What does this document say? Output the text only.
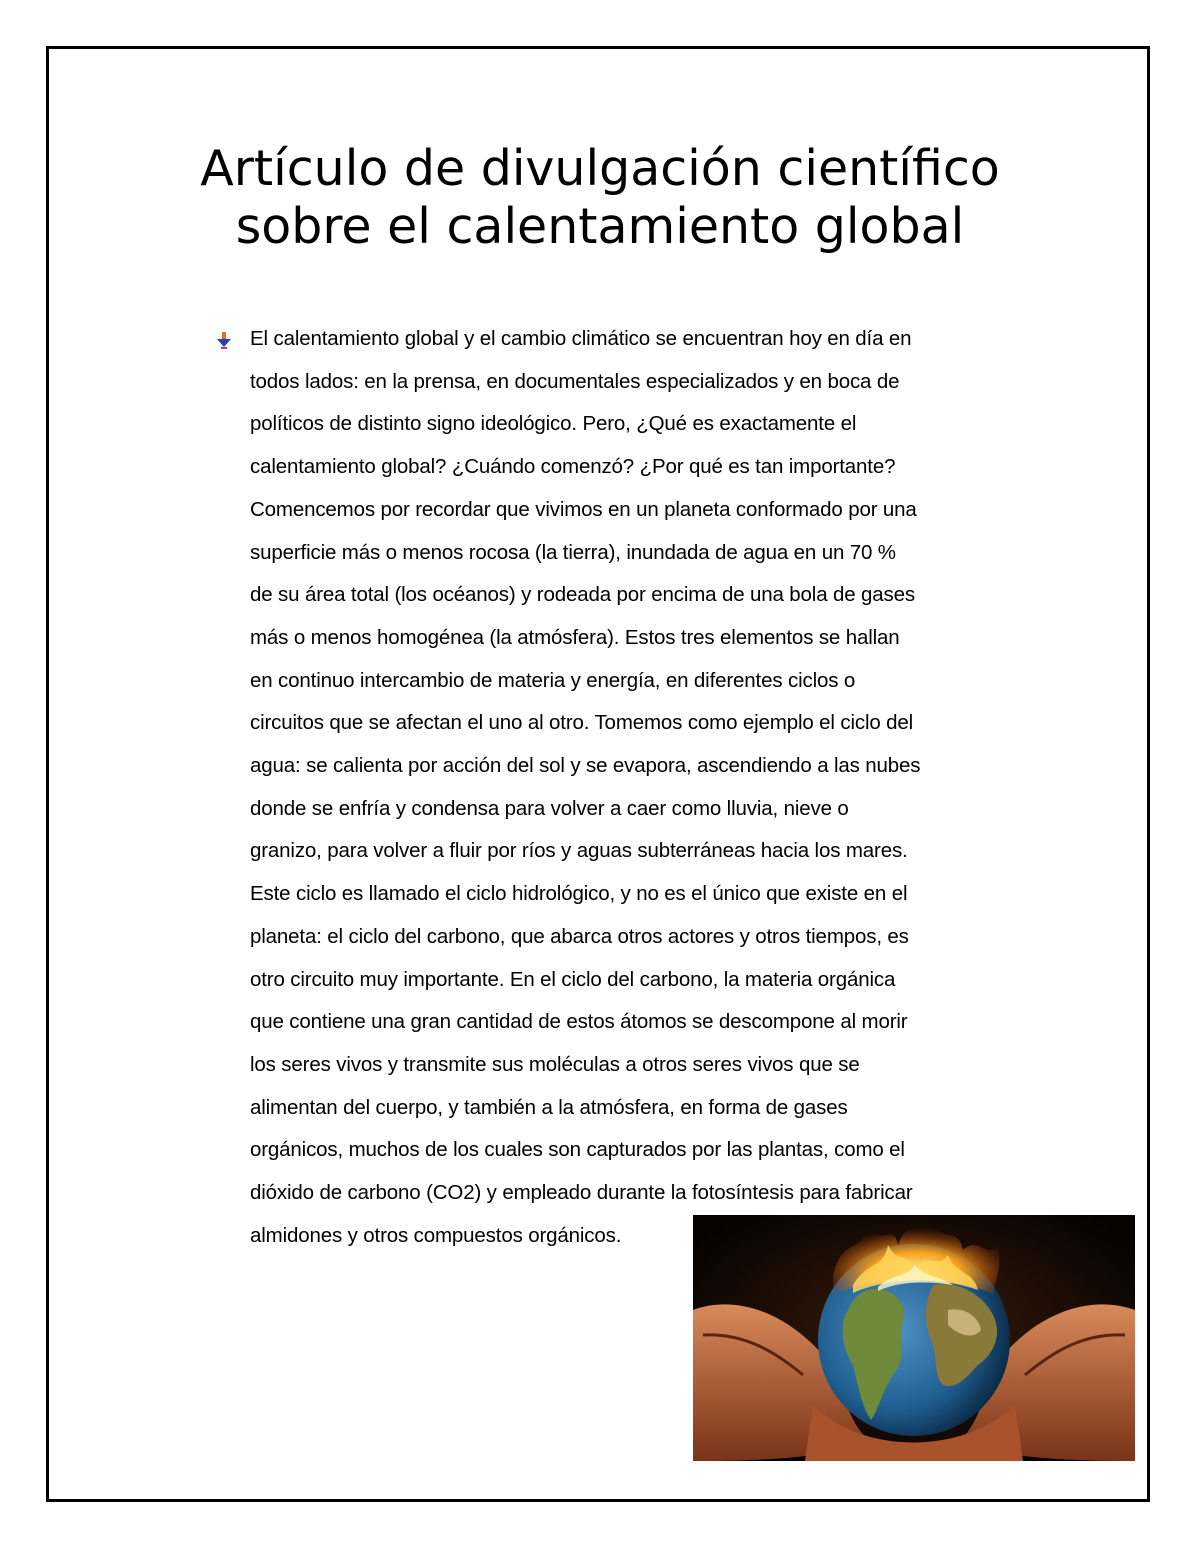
Artículo de divulgación científico
sobre el calentamiento global

El calentamiento global y el cambio climático se encuentran hoy en día en
todos lados: en la prensa, en documentales especializados y en boca de
políticos de distinto signo ideológico. Pero, ¿Qué es exactamente el
calentamiento global? ¿Cuándo comenzó? ¿Por qué es tan importante?
Comencemos por recordar que vivimos en un planeta conformado por una
superficie más o menos rocosa (la tierra), inundada de agua en un 70 %
de su área total (los océanos) y rodeada por encima de una bola de gases
más o menos homogénea (la atmósfera). Estos tres elementos se hallan
en continuo intercambio de materia y energía, en diferentes ciclos o
circuitos que se afectan el uno al otro. Tomemos como ejemplo el ciclo del
agua: se calienta por acción del sol y se evapora, ascendiendo a las nubes
donde se enfría y condensa para volver a caer como lluvia, nieve o
granizo, para volver a fluir por ríos y aguas subterráneas hacia los mares.
Este ciclo es llamado el ciclo hidrológico, y no es el único que existe en el
planeta: el ciclo del carbono, que abarca otros actores y otros tiempos, es
otro circuito muy importante. En el ciclo del carbono, la materia orgánica
que contiene una gran cantidad de estos átomos se descompone al morir
los seres vivos y transmite sus moléculas a otros seres vivos que se
alimentan del cuerpo, y también a la atmósfera, en forma de gases
orgánicos, muchos de los cuales son capturados por las plantas, como el
dióxido de carbono (CO2) y empleado durante la fotosíntesis para fabricar
almidones y otros compuestos orgánicos.
